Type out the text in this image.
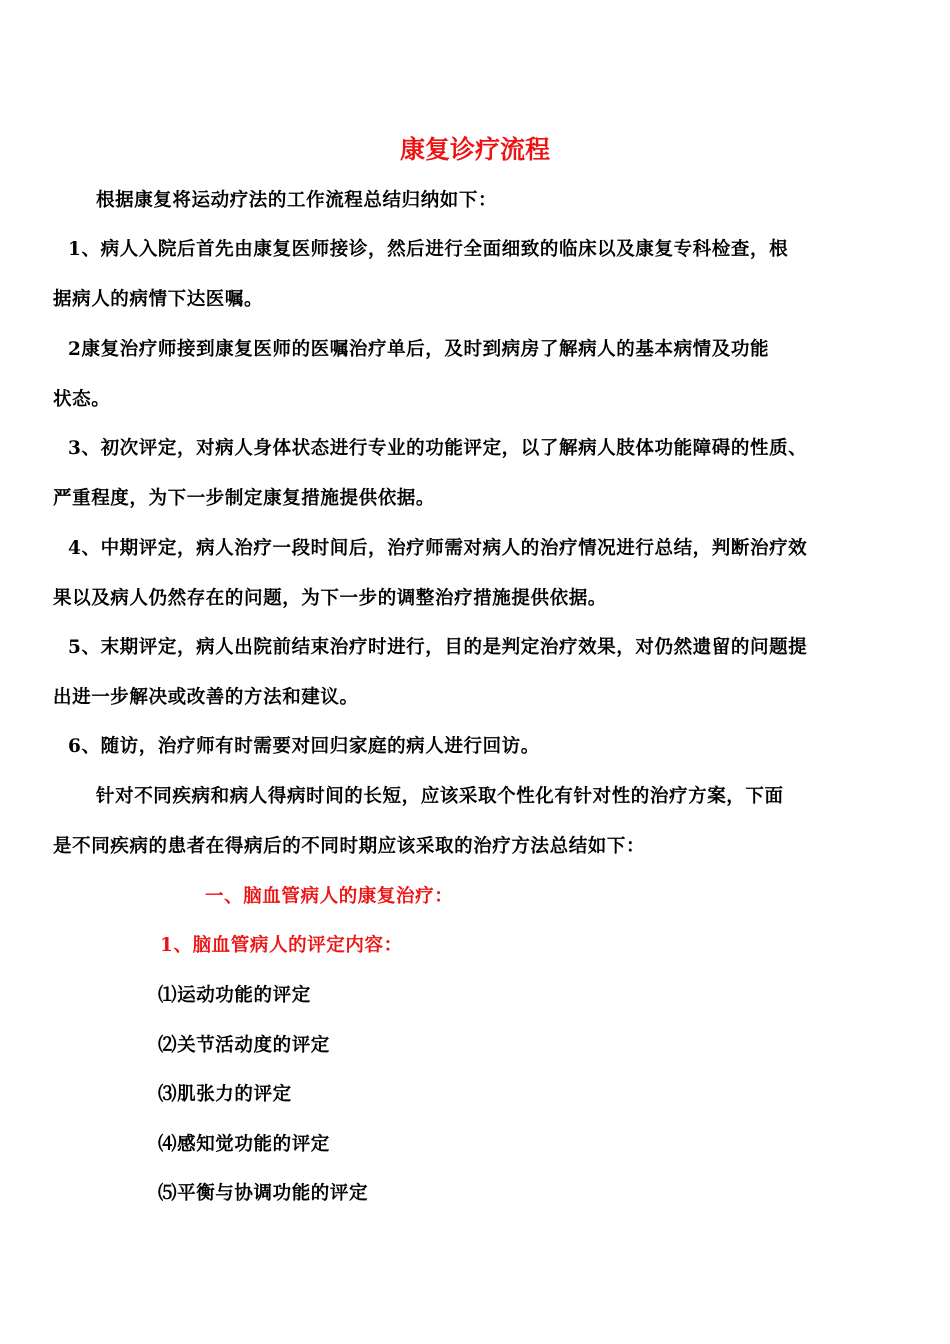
康复诊疗流程
根据康复将运动疗法的工作流程总结归纳如下：
1、病人入院后首先由康复医师接诊，然后进行全面细致的临床以及康复专科检查，根
据病人的病情下达医嘱。
2康复治疗师接到康复医师的医嘱治疗单后，及时到病房了解病人的基本病情及功能
状态。
3、初次评定，对病人身体状态进行专业的功能评定，以了解病人肢体功能障碍的性质、
严重程度，为下一步制定康复措施提供依据。
4、中期评定，病人治疗一段时间后，治疗师需对病人的治疗情况进行总结，判断治疗效
果以及病人仍然存在的问题，为下一步的调整治疗措施提供依据。
5、末期评定，病人出院前结束治疗时进行，目的是判定治疗效果，对仍然遗留的问题提
出进一步解决或改善的方法和建议。
6、随访，治疗师有时需要对回归家庭的病人进行回访。
针对不同疾病和病人得病时间的长短，应该采取个性化有针对性的治疗方案，下面
是不同疾病的患者在得病后的不同时期应该采取的治疗方法总结如下：
一、脑血管病人的康复治疗：
1、脑血管病人的评定内容：
⑴运动功能的评定
⑵关节活动度的评定
⑶肌张力的评定
⑷感知觉功能的评定
⑸平衡与协调功能的评定
